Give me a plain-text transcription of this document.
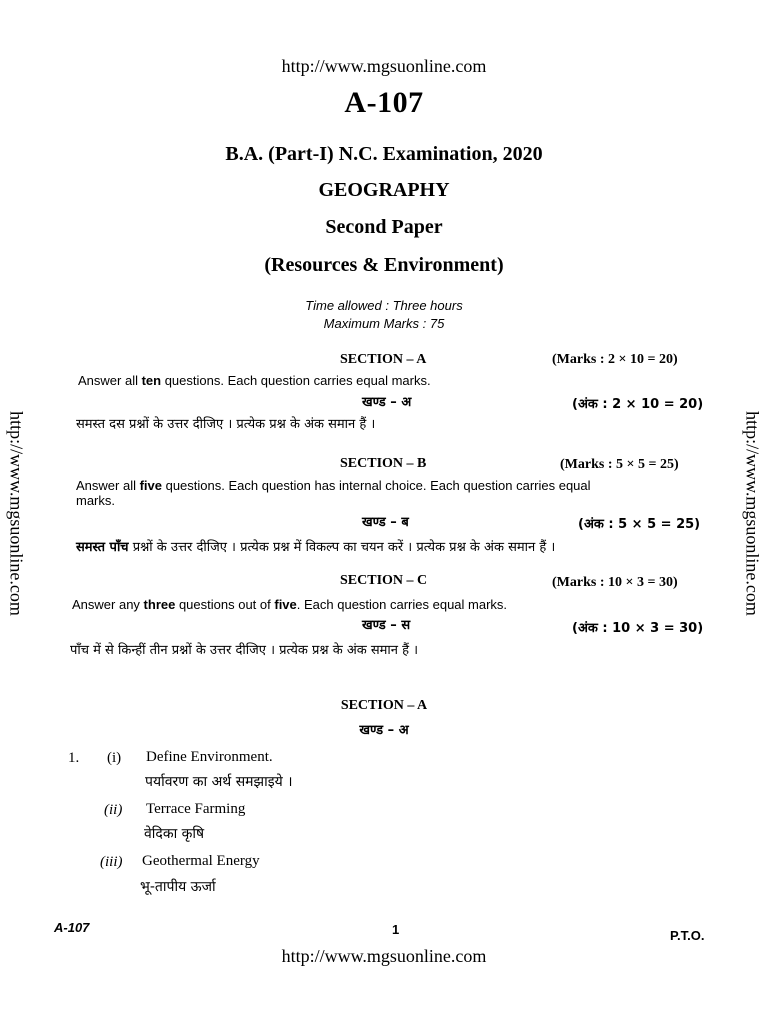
http://www.mgsuonline.com
A-107
B.A. (Part-I) N.C. Examination, 2020
GEOGRAPHY
Second Paper
(Resources & Environment)
Time allowed : Three hours
Maximum Marks : 75
http://www.mgsuonline.com	http://www.mgsuonline.com
SECTION – A	(Marks : 2 × 10 = 20)
Answer all ten questions. Each question carries equal marks.
खण्ड – अ	(अंक : 2 × 10 = 20)
समस्त दस प्रश्नों के उत्तर दीजिए । प्रत्येक प्रश्न के अंक समान हैं ।
SECTION – B	(Marks : 5 × 5 = 25)
Answer all five questions. Each question has internal choice. Each question carries equal
marks.
खण्ड – ब	(अंक : 5 × 5 = 25)
समस्त पाँच प्रश्नों के उत्तर दीजिए । प्रत्येक प्रश्न में विकल्प का चयन करें । प्रत्येक प्रश्न के अंक समान हैं ।
SECTION – C	(Marks : 10 × 3 = 30)
Answer any three questions out of five. Each question carries equal marks.
खण्ड – स	(अंक : 10 × 3 = 30)
पाँच में से किन्हीं तीन प्रश्नों के उत्तर दीजिए । प्रत्येक प्रश्न के अंक समान हैं ।
SECTION – A
खण्ड – अ
1. (i) Define Environment.
पर्यावरण का अर्थ समझाइये ।
(ii) Terrace Farming
वेदिका कृषि
(iii) Geothermal Energy
भू-तापीय ऊर्जा
A-107	1	P.T.O.
http://www.mgsuonline.com
